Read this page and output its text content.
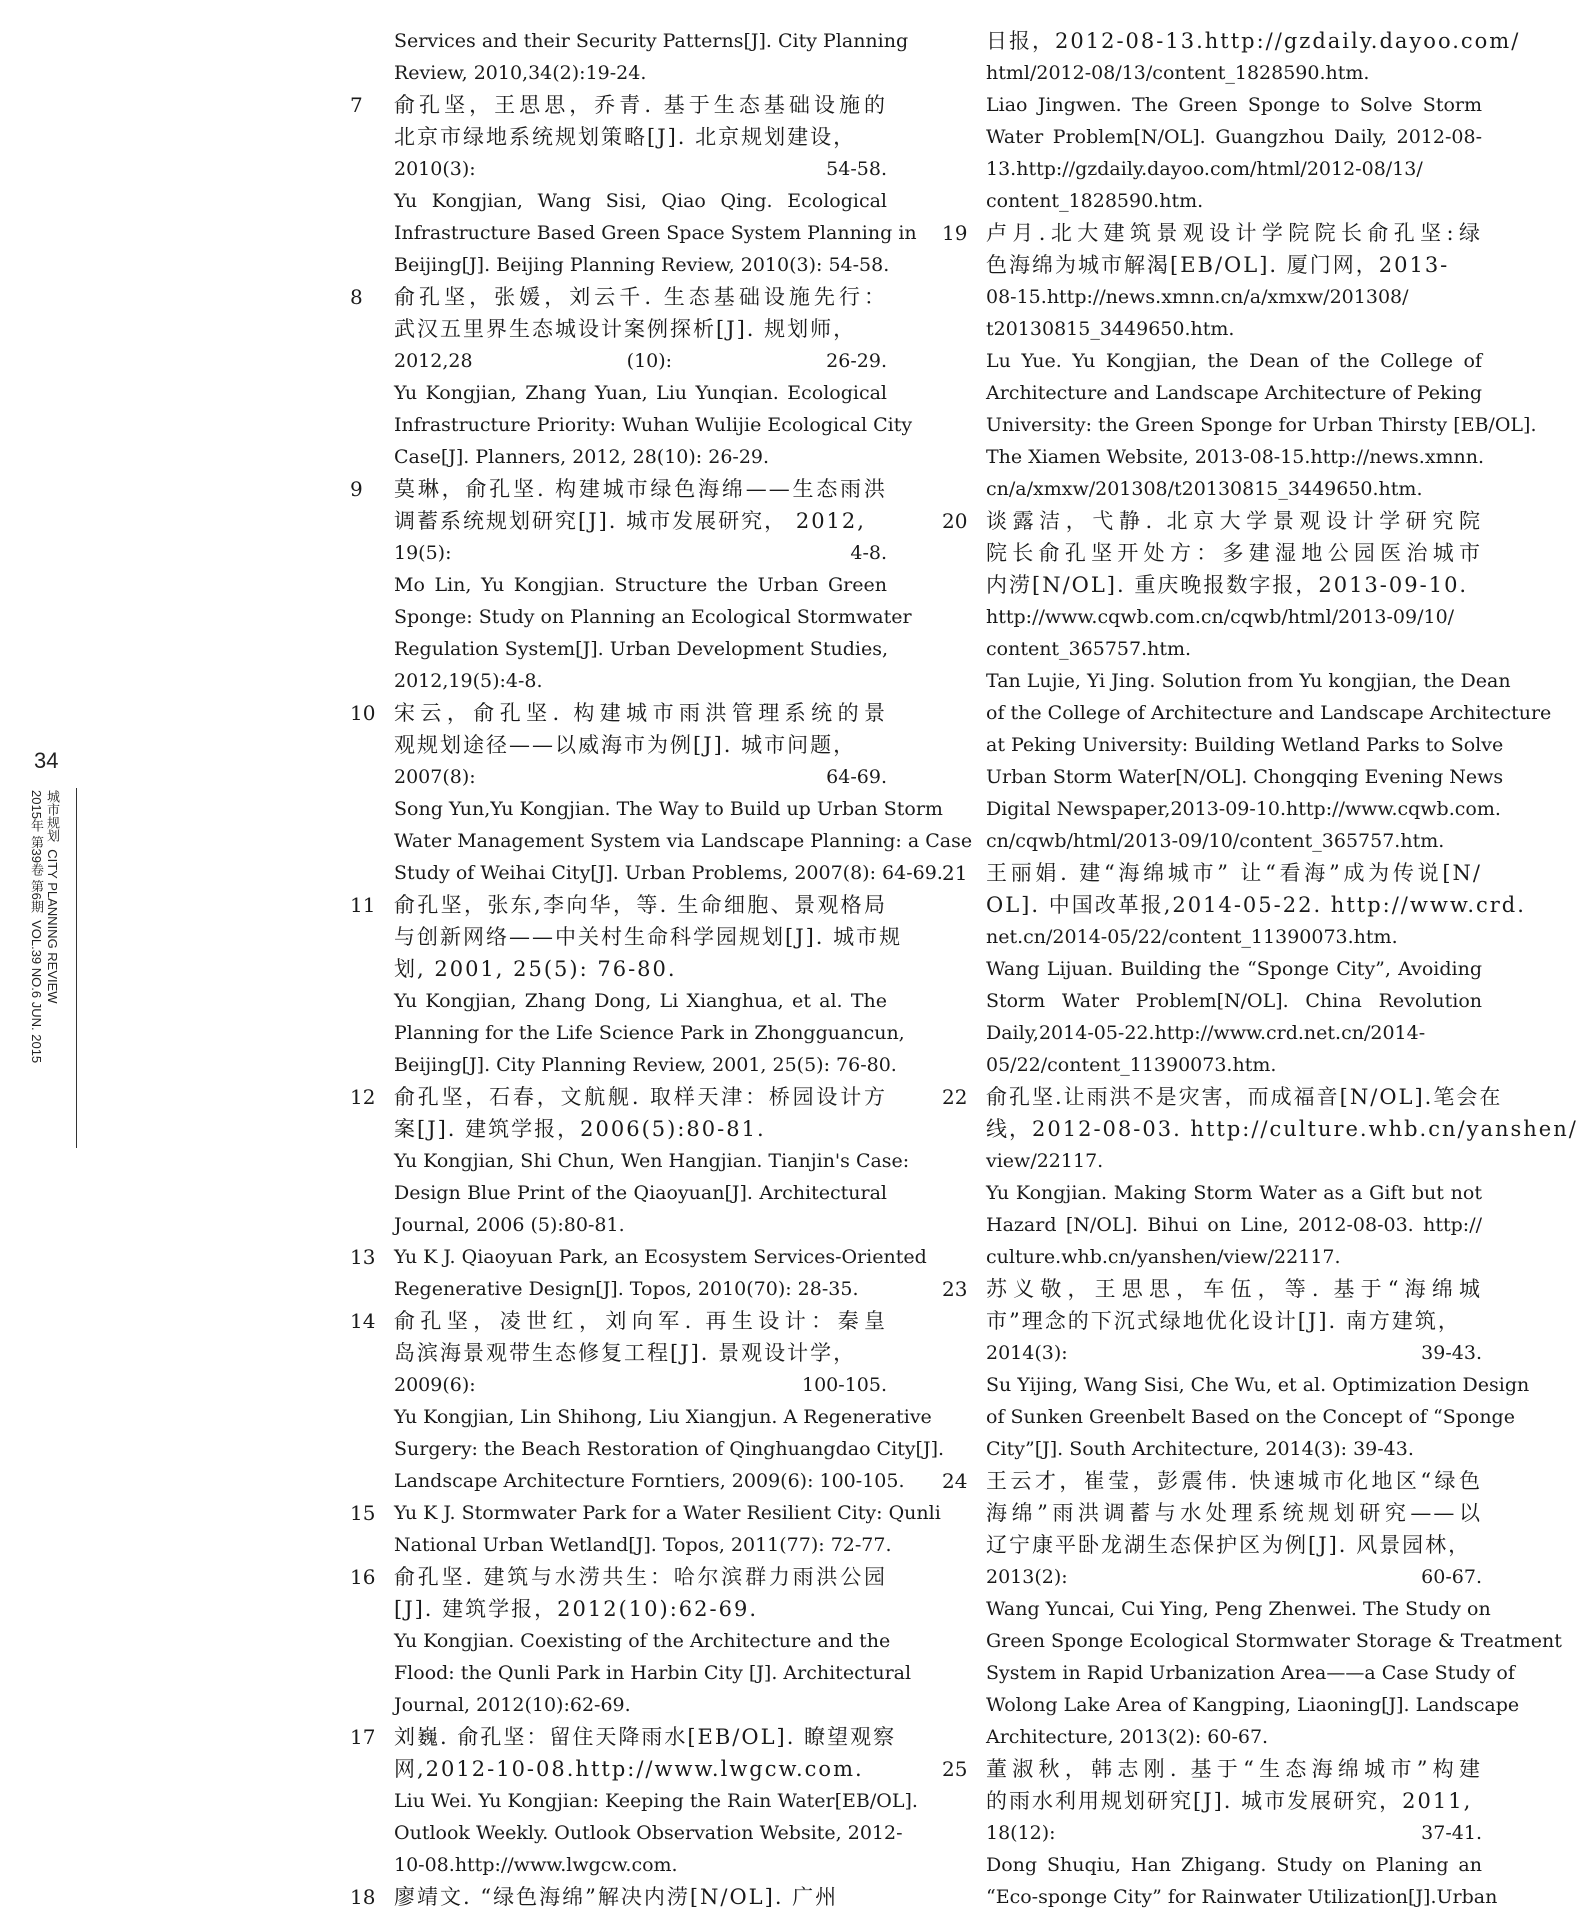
34
城市规划  CITY PLANNING REVIEW
2015年 第39卷 第6期  VOL.39 NO.6 JUN. 2015
Services and their Security Patterns[J]. City Planning
Review, 2010,34(2):19-24.
7 俞孔坚，王思思，乔青. 基于生态基础设施的
北京市绿地系统规划策略[J]. 北京规划建设，
2010(3): 54-58.
Yu Kongjian, Wang Sisi, Qiao Qing. Ecological
Infrastructure Based Green Space System Planning in
Beijing[J]. Beijing Planning Review, 2010(3): 54-58.
8 俞孔坚，张媛，刘云千. 生态基础设施先行：
武汉五里界生态城设计案例探析[J]. 规划师，
2012,28 (10): 26-29.
Yu Kongjian, Zhang Yuan, Liu Yunqian. Ecological
Infrastructure Priority: Wuhan Wulijie Ecological City
Case[J]. Planners, 2012, 28(10): 26-29.
9 莫琳，俞孔坚. 构建城市绿色海绵——生态雨洪
调蓄系统规划研究[J]. 城市发展研究， 2012,
19(5): 4-8.
Mo Lin, Yu Kongjian. Structure the Urban Green
Sponge: Study on Planning an Ecological Stormwater
Regulation System[J]. Urban Development Studies,
2012,19(5):4-8.
10 宋云，俞孔坚. 构建城市雨洪管理系统的景
观规划途径——以威海市为例[J]. 城市问题，
2007(8): 64-69.
Song Yun,Yu Kongjian. The Way to Build up Urban Storm
Water Management System via Landscape Planning: a Case
Study of Weihai City[J]. Urban Problems, 2007(8): 64-69.
11 俞孔坚，张东,李向华，等. 生命细胞、景观格局
与创新网络——中关村生命科学园规划[J]. 城市规
划, 2001, 25(5): 76-80.
Yu Kongjian, Zhang Dong, Li Xianghua, et al. The
Planning for the Life Science Park in Zhongguancun,
Beijing[J]. City Planning Review, 2001, 25(5): 76-80.
12 俞孔坚，石春，文航舰. 取样天津：桥园设计方
案[J]. 建筑学报，2006(5):80-81.
Yu Kongjian, Shi Chun, Wen Hangjian. Tianjin's Case:
Design Blue Print of the Qiaoyuan[J]. Architectural
Journal, 2006 (5):80-81.
13 Yu K J. Qiaoyuan Park, an Ecosystem Services-Oriented
Regenerative Design[J]. Topos, 2010(70): 28-35.
14 俞孔坚，凌世红，刘向军. 再生设计：秦皇
岛滨海景观带生态修复工程[J]. 景观设计学，
2009(6): 100-105.
Yu Kongjian, Lin Shihong, Liu Xiangjun. A Regenerative
Surgery: the Beach Restoration of Qinghuangdao City[J].
Landscape Architecture Forntiers, 2009(6): 100-105.
15 Yu K J. Stormwater Park for a Water Resilient City: Qunli
National Urban Wetland[J]. Topos, 2011(77): 72-77.
16 俞孔坚. 建筑与水涝共生：哈尔滨群力雨洪公园
[J]. 建筑学报，2012(10):62-69.
Yu Kongjian. Coexisting of the Architecture and the
Flood: the Qunli Park in Harbin City [J]. Architectural
Journal, 2012(10):62-69.
17 刘巍. 俞孔坚：留住天降雨水[EB/OL]. 瞭望观察
网,2012-10-08.http://www.lwgcw.com.
Liu Wei. Yu Kongjian: Keeping the Rain Water[EB/OL].
Outlook Weekly. Outlook Observation Website, 2012-
10-08.http://www.lwgcw.com.
18 廖靖文. “绿色海绵”解决内涝[N/OL]. 广州
日报，2012-08-13.http://gzdaily.dayoo.com/
html/2012-08/13/content_1828590.htm.
Liao Jingwen. The Green Sponge to Solve Storm
Water Problem[N/OL]. Guangzhou Daily, 2012-08-
13.http://gzdaily.dayoo.com/html/2012-08/13/
content_1828590.htm.
19 卢月.北大建筑景观设计学院院长俞孔坚:绿
色海绵为城市解渴[EB/OL]. 厦门网，2013-
08-15.http://news.xmnn.cn/a/xmxw/201308/
t20130815_3449650.htm.
Lu Yue. Yu Kongjian, the Dean of the College of
Architecture and Landscape Architecture of Peking
University: the Green Sponge for Urban Thirsty [EB/OL].
The Xiamen Website, 2013-08-15.http://news.xmnn.
cn/a/xmxw/201308/t20130815_3449650.htm.
20 谈露洁，弋静. 北京大学景观设计学研究院
院长俞孔坚开处方：多建湿地公园医治城市
内涝[N/OL]. 重庆晚报数字报，2013-09-10.
http://www.cqwb.com.cn/cqwb/html/2013-09/10/
content_365757.htm.
Tan Lujie, Yi Jing. Solution from Yu kongjian, the Dean
of the College of Architecture and Landscape Architecture
at Peking University: Building Wetland Parks to Solve
Urban Storm Water[N/OL]. Chongqing Evening News
Digital Newspaper,2013-09-10.http://www.cqwb.com.
cn/cqwb/html/2013-09/10/content_365757.htm.
21 王丽娟. 建“海绵城市” 让“看海”成为传说[N/
OL]. 中国改革报,2014-05-22. http://www.crd.
net.cn/2014-05/22/content_11390073.htm.
Wang Lijuan. Building the “Sponge City”, Avoiding
Storm Water Problem[N/OL]. China Revolution
Daily,2014-05-22.http://www.crd.net.cn/2014-
05/22/content_11390073.htm.
22 俞孔坚.让雨洪不是灾害，而成福音[N/OL].笔会在
线，2012-08-03. http://culture.whb.cn/yanshen/
view/22117.
Yu Kongjian. Making Storm Water as a Gift but not
Hazard [N/OL]. Bihui on Line, 2012-08-03. http://
culture.whb.cn/yanshen/view/22117.
23 苏义敬，王思思，车伍，等. 基于“海绵城
市”理念的下沉式绿地优化设计[J]. 南方建筑，
2014(3): 39-43.
Su Yijing, Wang Sisi, Che Wu, et al. Optimization Design
of Sunken Greenbelt Based on the Concept of “Sponge
City”[J]. South Architecture, 2014(3): 39-43.
24 王云才，崔莹，彭震伟. 快速城市化地区“绿色
海绵”雨洪调蓄与水处理系统规划研究——以
辽宁康平卧龙湖生态保护区为例[J]. 风景园林，
2013(2): 60-67.
Wang Yuncai, Cui Ying, Peng Zhenwei. The Study on
Green Sponge Ecological Stormwater Storage & Treatment
System in Rapid Urbanization Area——a Case Study of
Wolong Lake Area of Kangping, Liaoning[J]. Landscape
Architecture, 2013(2): 60-67.
25 董淑秋，韩志刚. 基于“生态海绵城市”构建
的雨水利用规划研究[J]. 城市发展研究，2011,
18(12): 37-41.
Dong Shuqiu, Han Zhigang. Study on Planing an
“Eco-sponge City” for Rainwater Utilization[J].Urban
